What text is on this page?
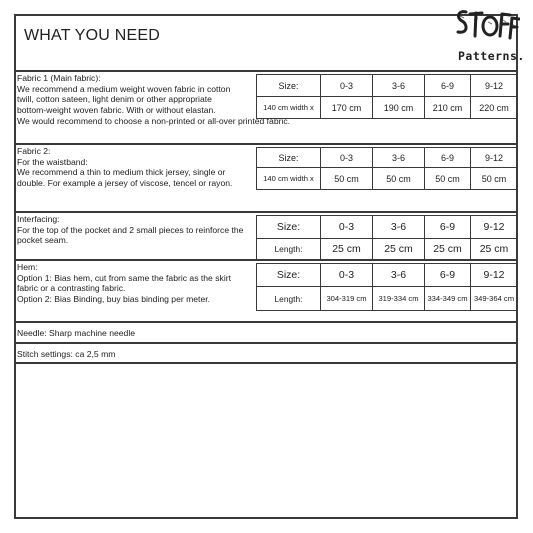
WHAT YOU NEED
Patterns.
Fabric 1 (Main fabric):
We recommend a medium weight woven fabric in cotton
twill, cotton sateen, light denim or other appropriate
bottom-weight woven fabric. With or without elastan.
We would recommend to choose a non-printed or all-over printed fabric.
Size:	0-3	3-6	6-9	9-12
140 cm width x	170 cm	190 cm	210 cm	220 cm
Fabric 2:
For the waistband:
We recommend a thin to medium thick jersey, single or
double. For example a jersey of viscose, tencel or rayon.
Size:	0-3	3-6	6-9	9-12
140 cm width x	50 cm	50 cm	50 cm	50 cm
Interfacing:
For the top of the pocket and 2 small pieces to reinforce the
pocket seam.
Size:	0-3	3-6	6-9	9-12
Length:	25 cm	25 cm	25 cm	25 cm
Hem:
Option 1: Bias hem, cut from same the fabric as the skirt
fabric or a contrasting fabric.
Option 2: Bias Binding, buy bias binding per meter.
Size:	0-3	3-6	6-9	9-12
Length:	304-319 cm	319-334 cm	334-349 cm	349-364 cm
Needle: Sharp machine needle
Stitch settings: ca 2,5 mm
